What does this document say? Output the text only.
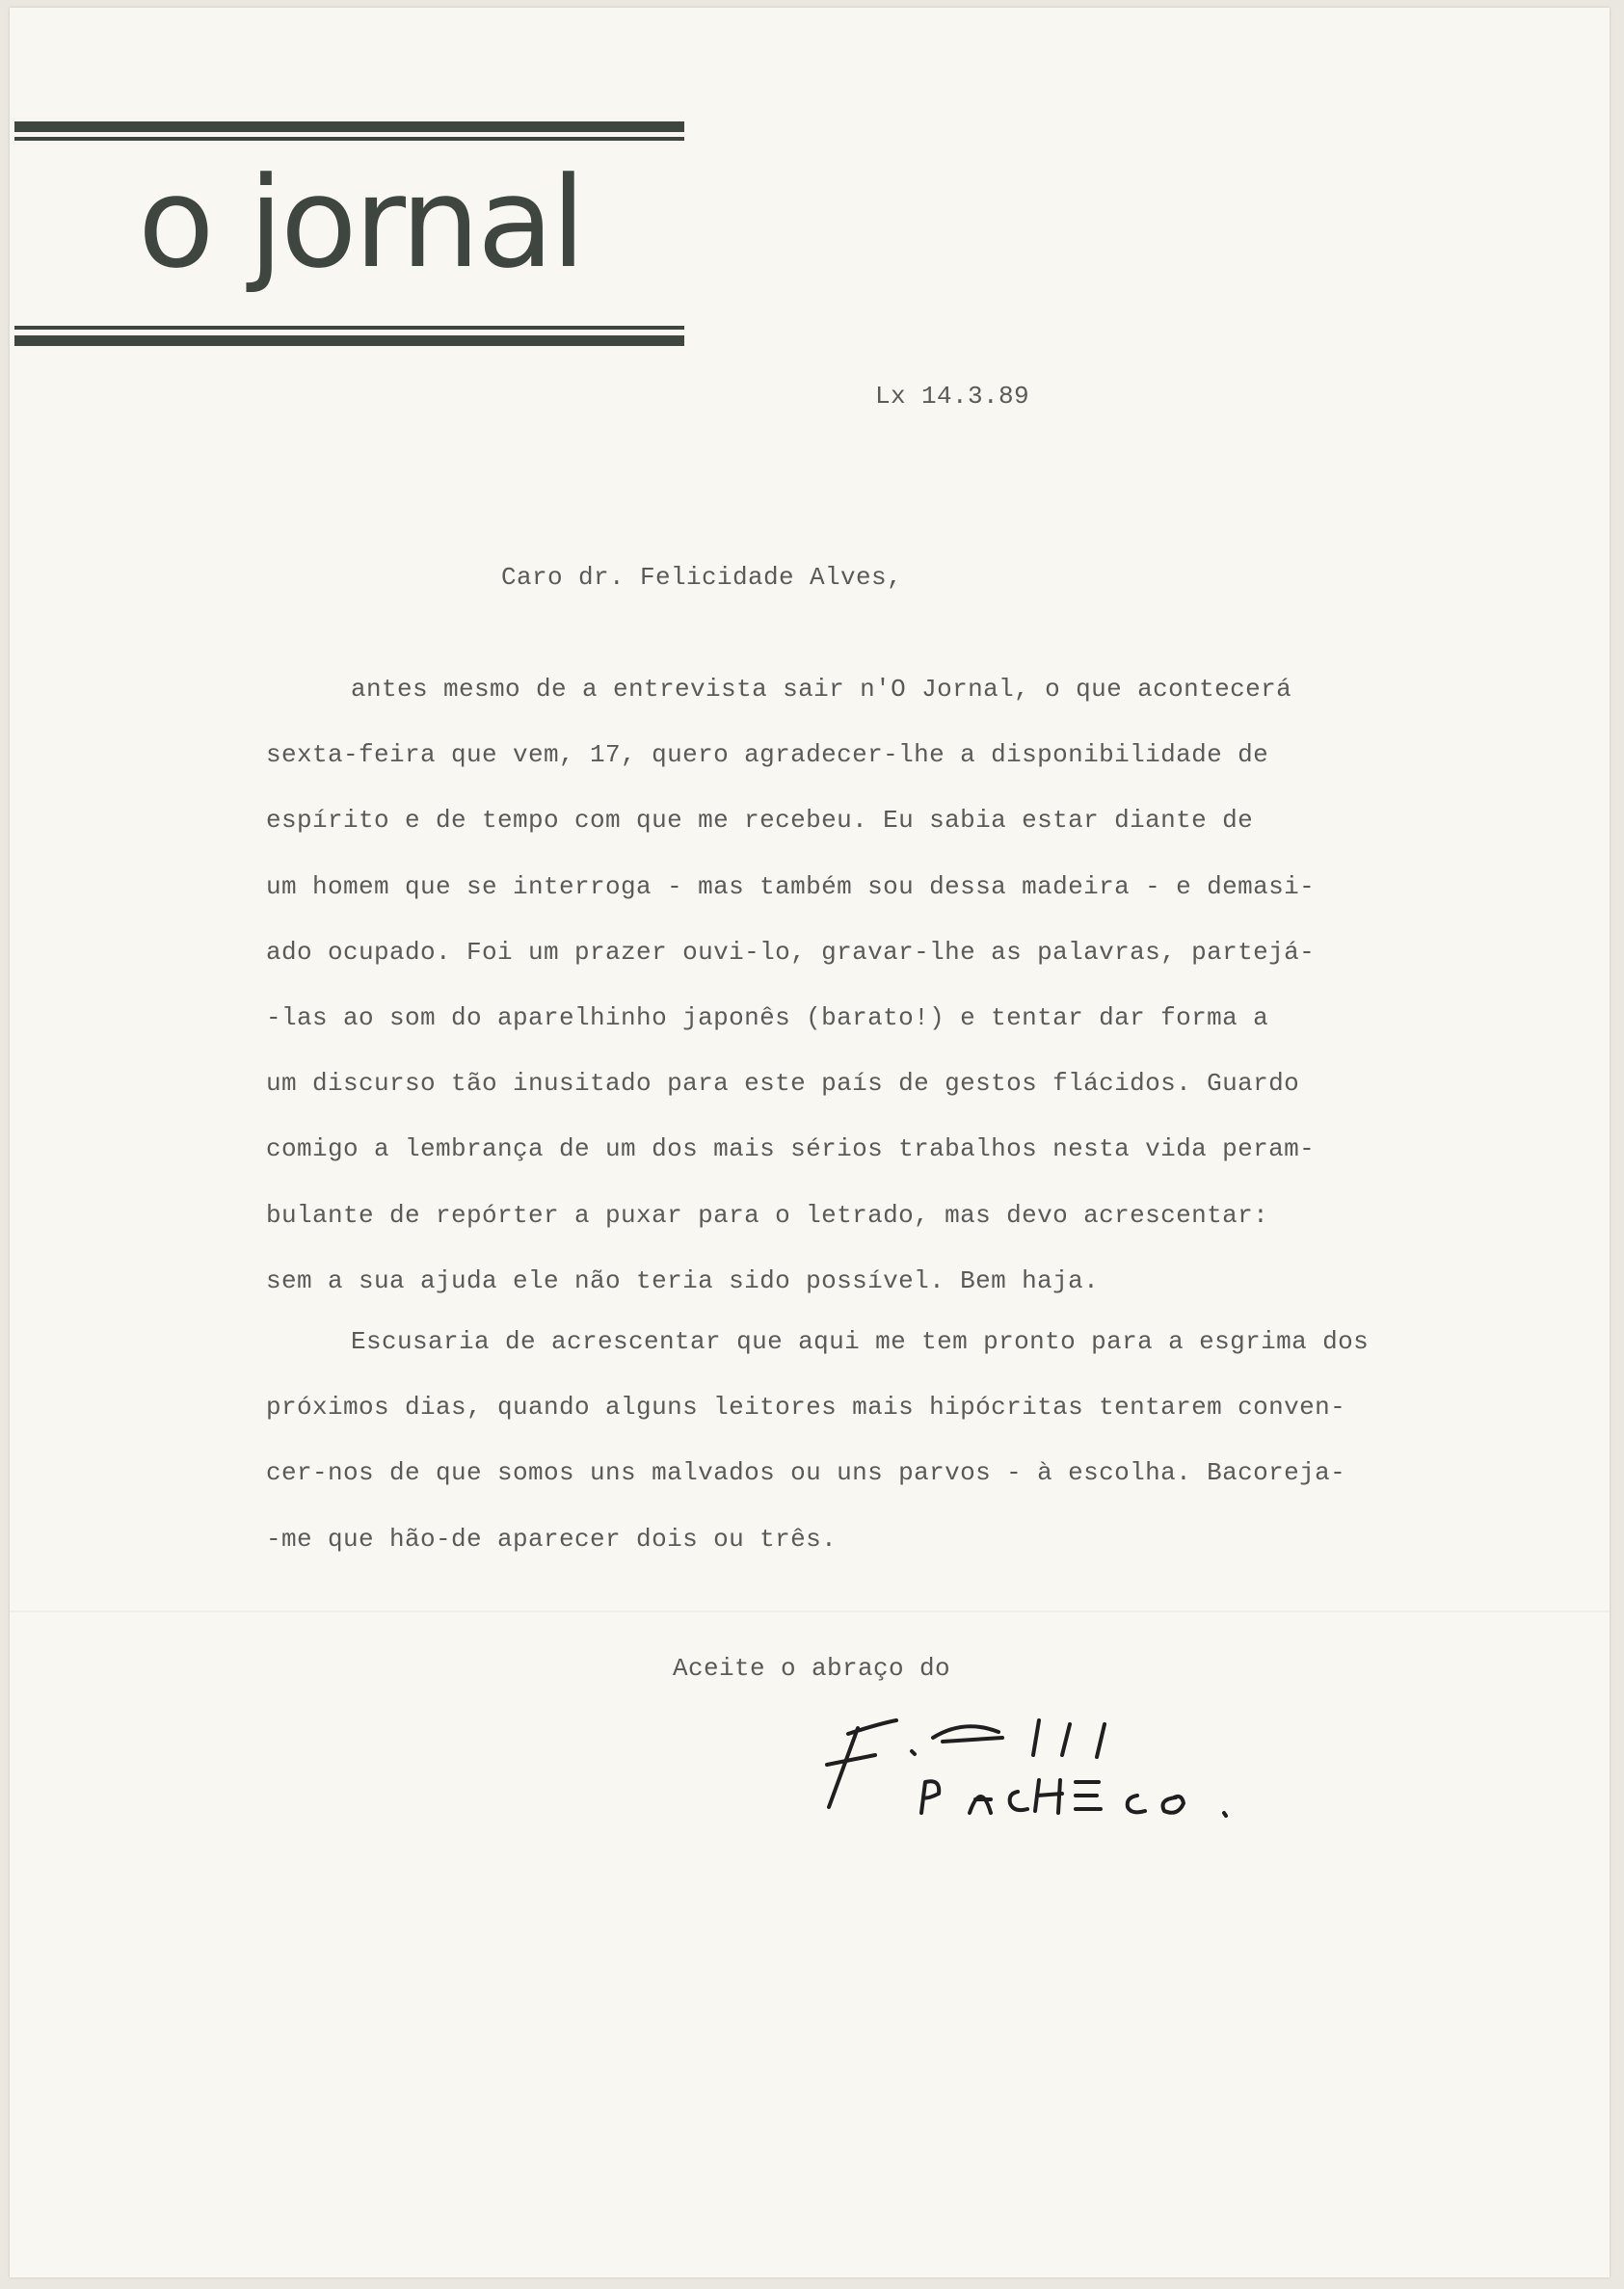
o jornal
Lx 14.3.89
Caro dr. Felicidade Alves,
antes mesmo de a entrevista sair n'O Jornal, o que acontecerá
sexta-feira que vem, 17, quero agradecer-lhe a disponibilidade de
espírito e de tempo com que me recebeu. Eu sabia estar diante de
um homem que se interroga - mas também sou dessa madeira - e demasi-
ado ocupado. Foi um prazer ouvi-lo, gravar-lhe as palavras, partejá-
-las ao som do aparelhinho japonês (barato!) e tentar dar forma a
um discurso tão inusitado para este país de gestos flácidos. Guardo
comigo a lembrança de um dos mais sérios trabalhos nesta vida peram-
bulante de repórter a puxar para o letrado, mas devo acrescentar:
sem a sua ajuda ele não teria sido possível. Bem haja.
Escusaria de acrescentar que aqui me tem pronto para a esgrima dos
próximos dias, quando alguns leitores mais hipócritas tentarem conven-
cer-nos de que somos uns malvados ou uns parvos - à escolha. Bacoreja-
-me que hão-de aparecer dois ou três.
Aceite o abraço do
